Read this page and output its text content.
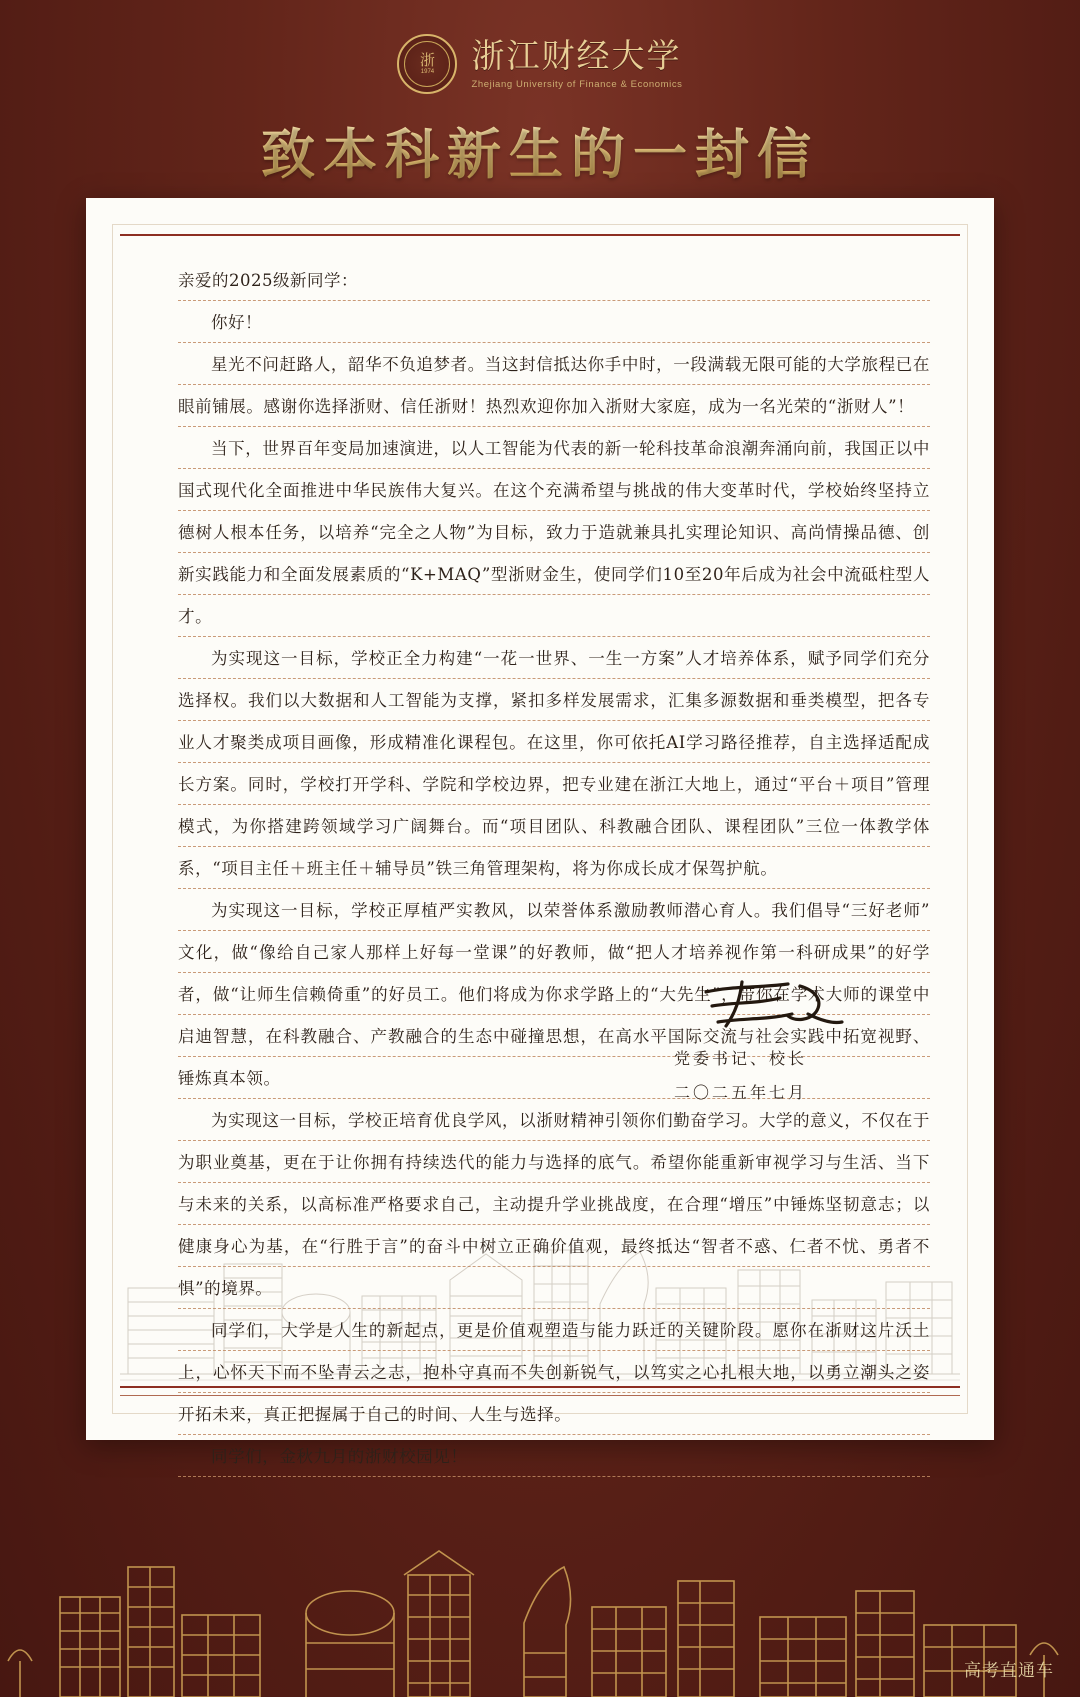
浙
1974 浙江财经大学
Zhejiang University of Finance & Economics
致本科新生的一封信
亲爱的2025级新同学：
你好！

星光不问赶路人，韶华不负追梦者。当这封信抵达你手中时，一段满载无限可能的大学旅程已在眼前铺展。感谢你选择浙财、信任浙财！热烈欢迎你加入浙财大家庭，成为一名光荣的“浙财人”！

当下，世界百年变局加速演进，以人工智能为代表的新一轮科技革命浪潮奔涌向前，我国正以中国式现代化全面推进中华民族伟大复兴。在这个充满希望与挑战的伟大变革时代，学校始终坚持立德树人根本任务，以培养“完全之人物”为目标，致力于造就兼具扎实理论知识、高尚情操品德、创新实践能力和全面发展素质的“K+MAQ”型浙财金生，使同学们10至20年后成为社会中流砥柱型人才。

为实现这一目标，学校正全力构建“一花一世界、一生一方案”人才培养体系，赋予同学们充分选择权。我们以大数据和人工智能为支撑，紧扣多样发展需求，汇集多源数据和垂类模型，把各专业人才聚类成项目画像，形成精准化课程包。在这里，你可依托AI学习路径推荐，自主选择适配成长方案。同时，学校打开学科、学院和学校边界，把专业建在浙江大地上，通过“平台＋项目”管理模式，为你搭建跨领域学习广阔舞台。而“项目团队、科教融合团队、课程团队”三位一体教学体系，“项目主任＋班主任＋辅导员”铁三角管理架构，将为你成长成才保驾护航。

为实现这一目标，学校正厚植严实教风，以荣誉体系激励教师潜心育人。我们倡导“三好老师”文化，做“像给自己家人那样上好每一堂课”的好教师，做“把人才培养视作第一科研成果”的好学者，做“让师生信赖倚重”的好员工。他们将成为你求学路上的“大先生”，带你在学术大师的课堂中启迪智慧，在科教融合、产教融合的生态中碰撞思想，在高水平国际交流与社会实践中拓宽视野、锤炼真本领。

为实现这一目标，学校正培育优良学风，以浙财精神引领你们勤奋学习。大学的意义，不仅在于为职业奠基，更在于让你拥有持续迭代的能力与选择的底气。希望你能重新审视学习与生活、当下与未来的关系，以高标准严格要求自己，主动提升学业挑战度，在合理“增压”中锤炼坚韧意志；以健康身心为基，在“行胜于言”的奋斗中树立正确价值观，最终抵达“智者不惑、仁者不忧、勇者不惧”的境界。

同学们，大学是人生的新起点，更是价值观塑造与能力跃迁的关键阶段。愿你在浙财这片沃土上，心怀天下而不坠青云之志，抱朴守真而不失创新锐气，以笃实之心扎根大地，以勇立潮头之姿开拓未来，真正把握属于自己的时间、人生与选择。

同学们，金秋九月的浙财校园见！

党委书记、校长
二〇二五年七月
高考直通车
